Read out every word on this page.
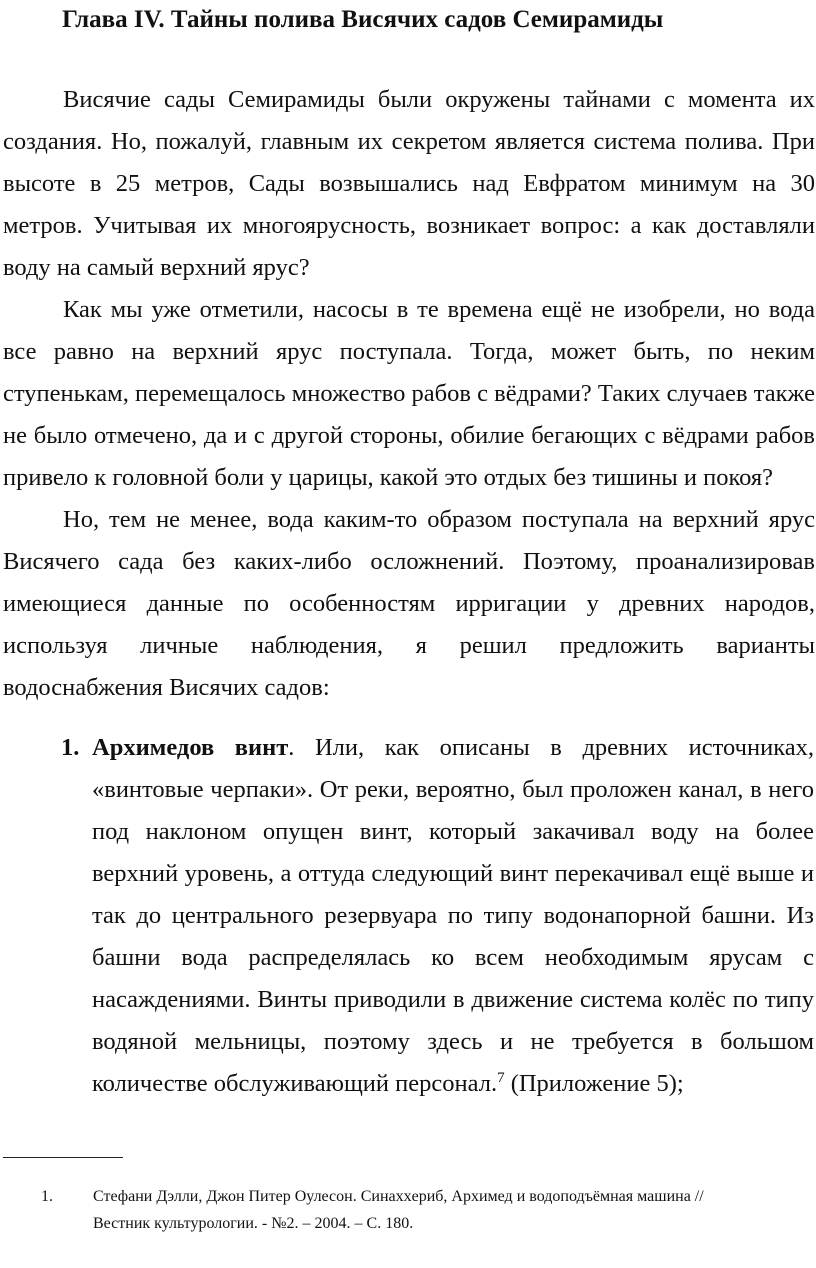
Глава IV. Тайны полива Висячих садов Семирамиды

Висячие сады Семирамиды были окружены тайнами с момента их создания. Но, пожалуй, главным их секретом является система полива. При высоте в 25 метров, Сады возвышались над Евфратом минимум на 30 метров. Учитывая их многоярусность, возникает вопрос: а как доставляли воду на самый верхний ярус?

Как мы уже отметили, насосы в те времена ещё не изобрели, но вода все равно на верхний ярус поступала. Тогда, может быть, по неким ступенькам, перемещалось множество рабов с вёдрами? Таких случаев также не было отмечено, да и с другой стороны, обилие бегающих с вёдрами рабов привело к головной боли у царицы, какой это отдых без тишины и покоя?

Но, тем не менее, вода каким-то образом поступала на верхний ярус Висячего сада без каких-либо осложнений. Поэтому, проанализировав имеющиеся данные по особенностям ирригации у древних народов, используя личные наблюдения, я решил предложить варианты водоснабжения Висячих садов:

1. Архимедов винт. Или, как описаны в древних источниках, «винтовые черпаки». От реки, вероятно, был проложен канал, в него под наклоном опущен винт, который закачивал воду на более верхний уровень, а оттуда следующий винт перекачивал ещё выше и так до центрального резервуара по типу водонапорной башни. Из башни вода распределялась ко всем необходимым ярусам с насаждениями. Винты приводили в движение система колёс по типу водяной мельницы, поэтому здесь и не требуется в большом количестве обслуживающий персонал.$^7$ (Приложение 5);
1.	Стефани Дэлли, Джон Питер Оулесон. Синахxериб, Архимед и водоподъёмная машина //
Вестник культурологии. - №2. – 2004. – С. 180.
